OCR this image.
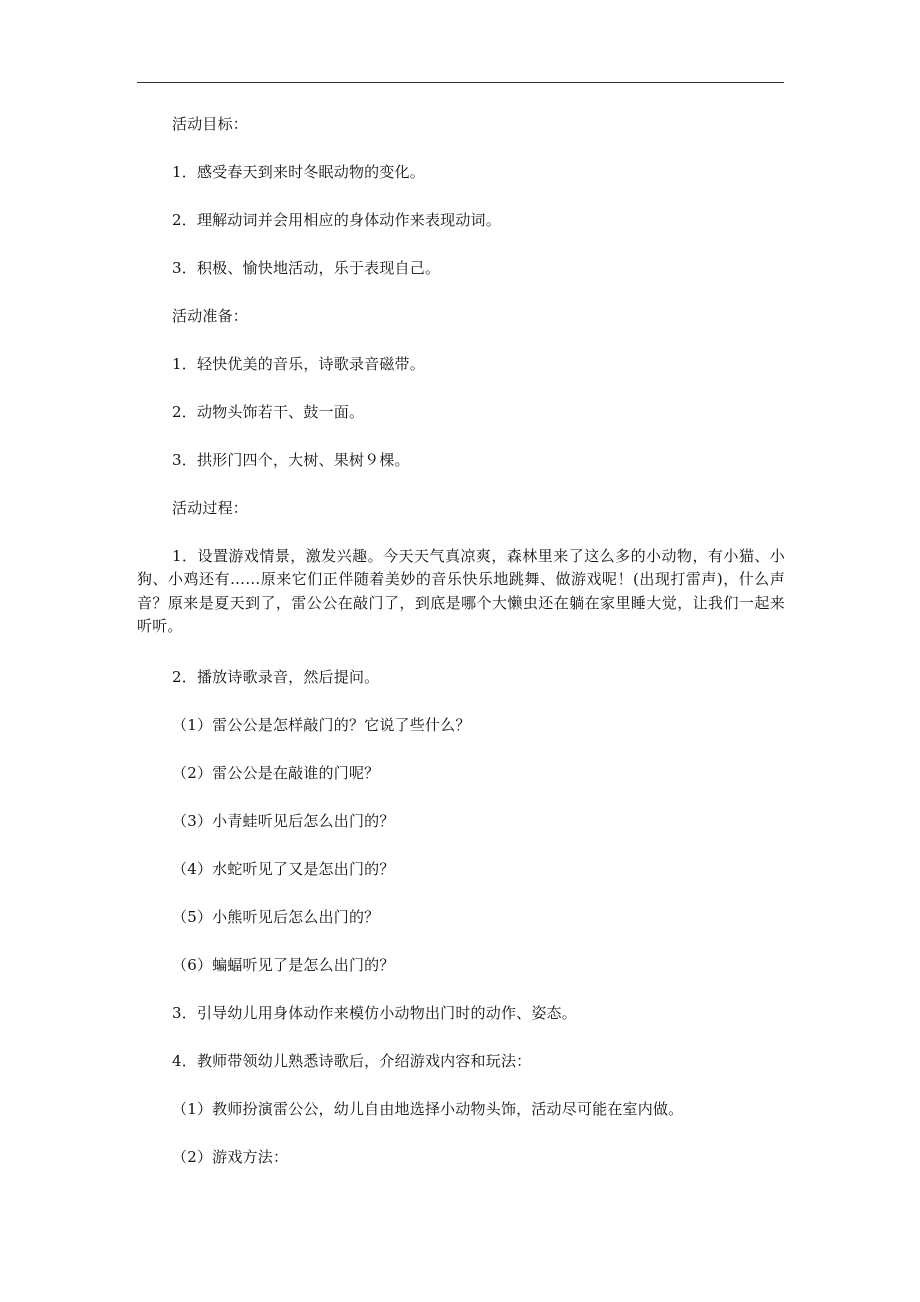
活动目标：
1．感受春天到来时冬眠动物的变化。
2．理解动词并会用相应的身体动作来表现动词。
3．积极、愉快地活动，乐于表现自己。
活动准备：
1．轻快优美的音乐，诗歌录音磁带。
2．动物头饰若干、鼓一面。
3．拱形门四个，大树、果树９棵。
活动过程：

1．设置游戏情景，激发兴趣。今天天气真凉爽，森林里来了这么多的小动物，有小猫、小狗、小鸡还有……原来它们正伴随着美妙的音乐快乐地跳舞、做游戏呢！(出现打雷声)，什么声音？原来是夏天到了，雷公公在敲门了，到底是哪个大懒虫还在躺在家里睡大觉，让我们一起来听听。

2．播放诗歌录音，然后提问。
（1）雷公公是怎样敲门的？它说了些什么？
（2）雷公公是在敲谁的门呢？
（3）小青蛙听见后怎么出门的？
（4）水蛇听见了又是怎出门的？
（5）小熊听见后怎么出门的？
（6）蝙蝠听见了是怎么出门的？
3．引导幼儿用身体动作来模仿小动物出门时的动作、姿态。
4．教师带领幼儿熟悉诗歌后，介绍游戏内容和玩法：
（1）教师扮演雷公公，幼儿自由地选择小动物头饰，活动尽可能在室内做。
（2）游戏方法：
